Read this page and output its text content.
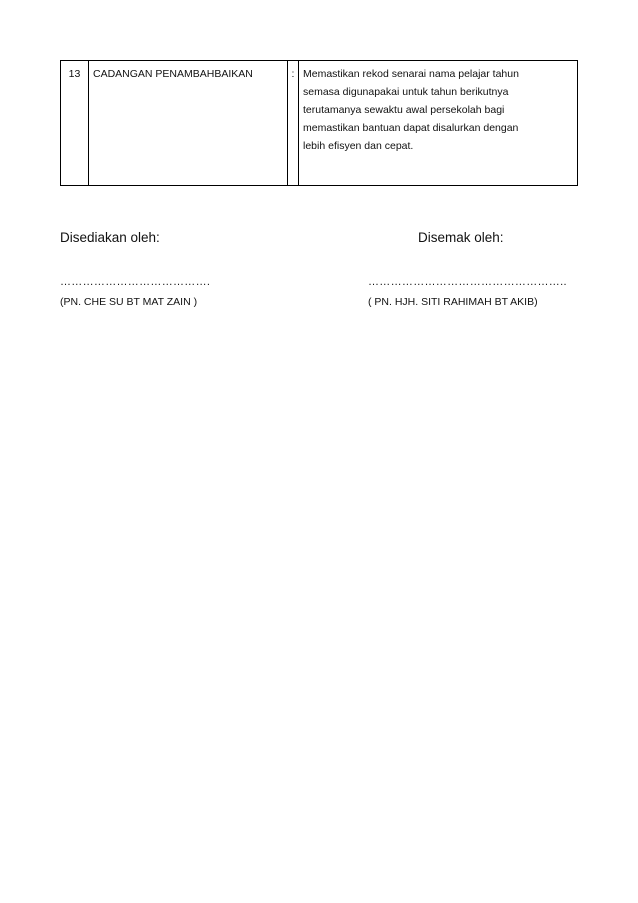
13	CADANGAN PENAMBAHBAIKAN	:	Memastikan rekod senarai nama pelajar tahun
semasa digunapakai untuk tahun berikutnya
terutamanya sewaktu awal persekolah bagi
memastikan bantuan dapat disalurkan dengan
lebih efisyen dan cepat.
Disediakan oleh:
………………………………….
(PN. CHE SU BT MAT ZAIN )
Disemak oleh:
……………………………………………..
( PN. HJH. SITI RAHIMAH BT AKIB)
